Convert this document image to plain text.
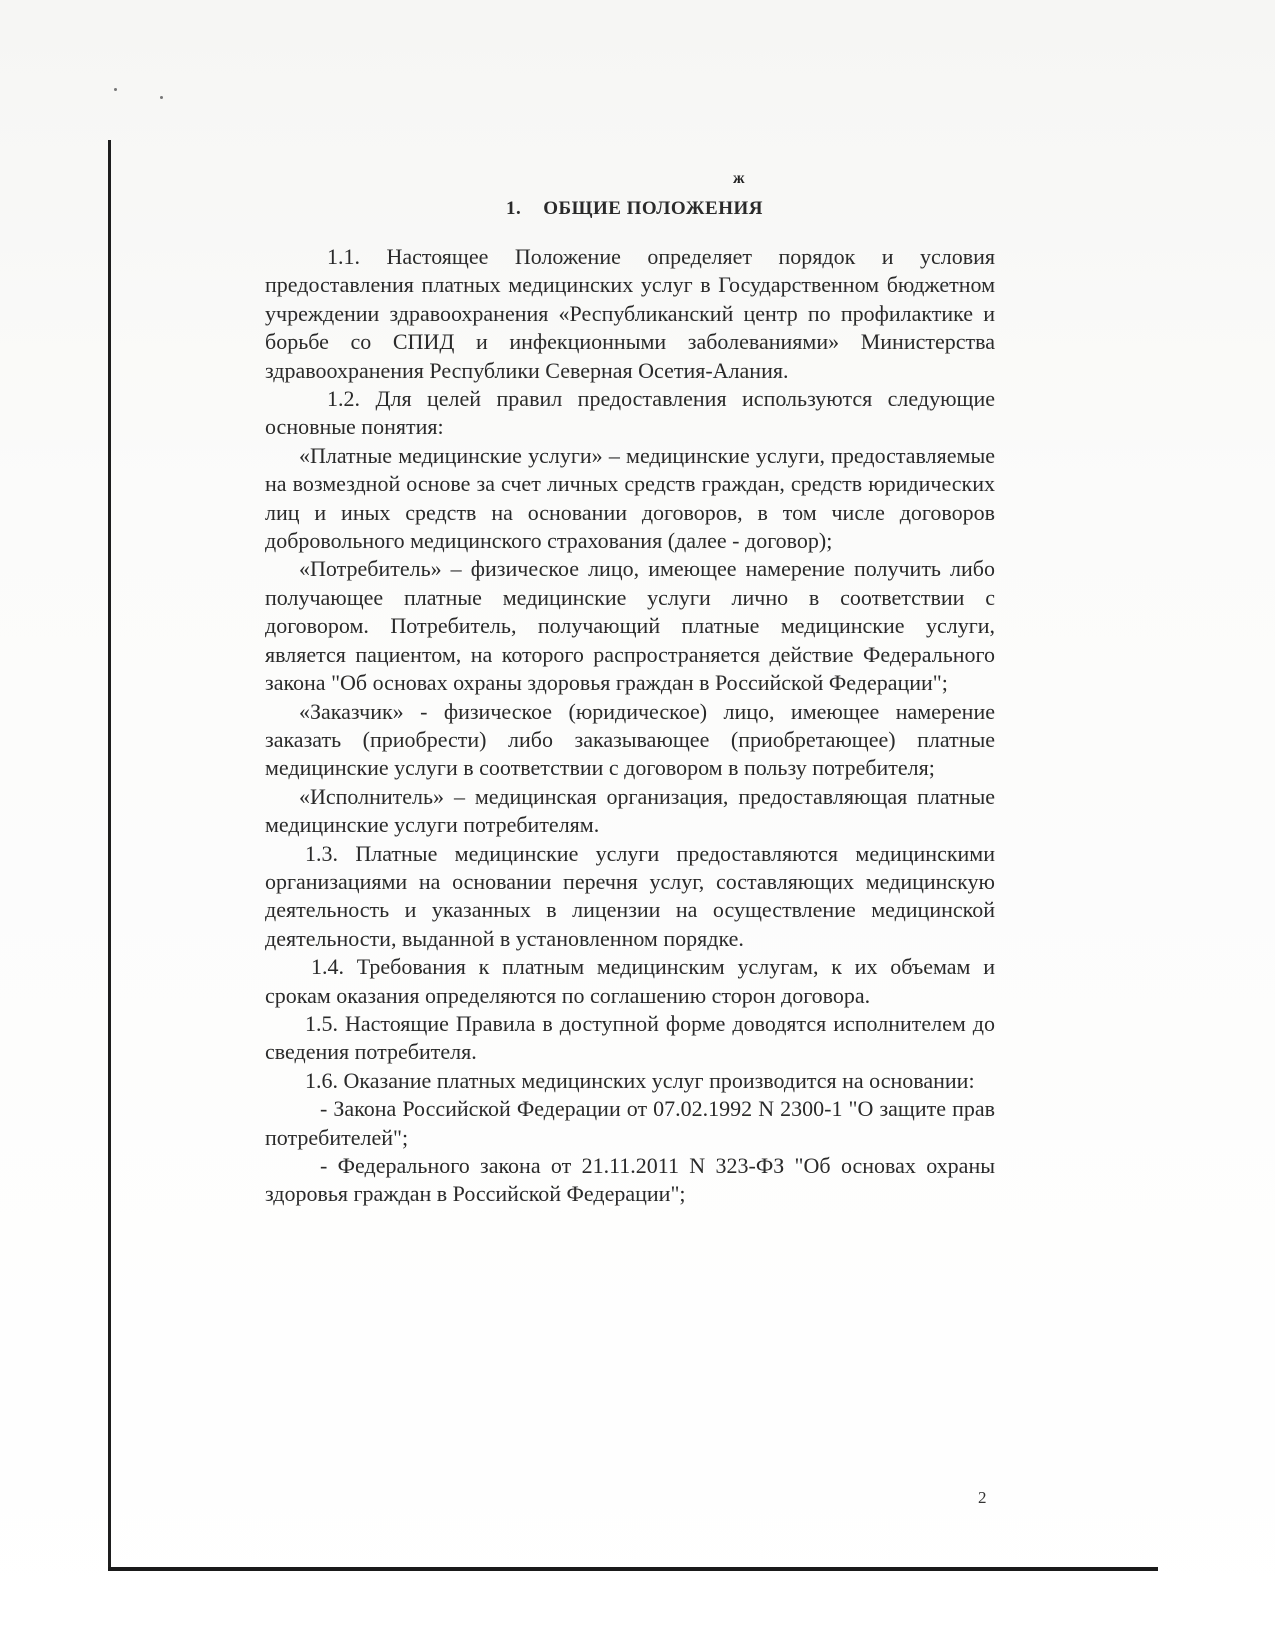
ж
1. ОБЩИЕ ПОЛОЖЕНИЯ

1.1. Настоящее Положение определяет порядок и условия предоставления платных медицинских услуг в Государственном бюджетном учреждении здравоохранения «Республиканский центр по профилактике и борьбе со СПИД и инфекционными заболеваниями» Министерства здравоохранения Республики Северная Осетия-Алания.

1.2. Для целей правил предоставления используются следующие основные понятия:

«Платные медицинские услуги» – медицинские услуги, предоставляемые на возмездной основе за счет личных средств граждан, средств юридических лиц и иных средств на основании договоров, в том числе договоров добровольного медицинского страхования (далее - договор);

«Потребитель» – физическое лицо, имеющее намерение получить либо получающее платные медицинские услуги лично в соответствии с договором. Потребитель, получающий платные медицинские услуги, является пациентом, на которого распространяется действие Федерального закона "Об основах охраны здоровья граждан в Российской Федерации";

«Заказчик» - физическое (юридическое) лицо, имеющее намерение заказать (приобрести) либо заказывающее (приобретающее) платные медицинские услуги в соответствии с договором в пользу потребителя;

«Исполнитель» – медицинская организация, предоставляющая платные медицинские услуги потребителям.

1.3. Платные медицинские услуги предоставляются медицинскими организациями на основании перечня услуг, составляющих медицинскую деятельность и указанных в лицензии на осуществление медицинской деятельности, выданной в установленном порядке.

1.4. Требования к платным медицинским услугам, к их объемам и срокам оказания определяются по соглашению сторон договора.

1.5. Настоящие Правила в доступной форме доводятся исполнителем до сведения потребителя.

1.6. Оказание платных медицинских услуг производится на основании:

- Закона Российской Федерации от 07.02.1992 N 2300-1 "О защите прав потребителей";

- Федерального закона от 21.11.2011 N 323-ФЗ "Об основах охраны здоровья граждан в Российской Федерации";

2
